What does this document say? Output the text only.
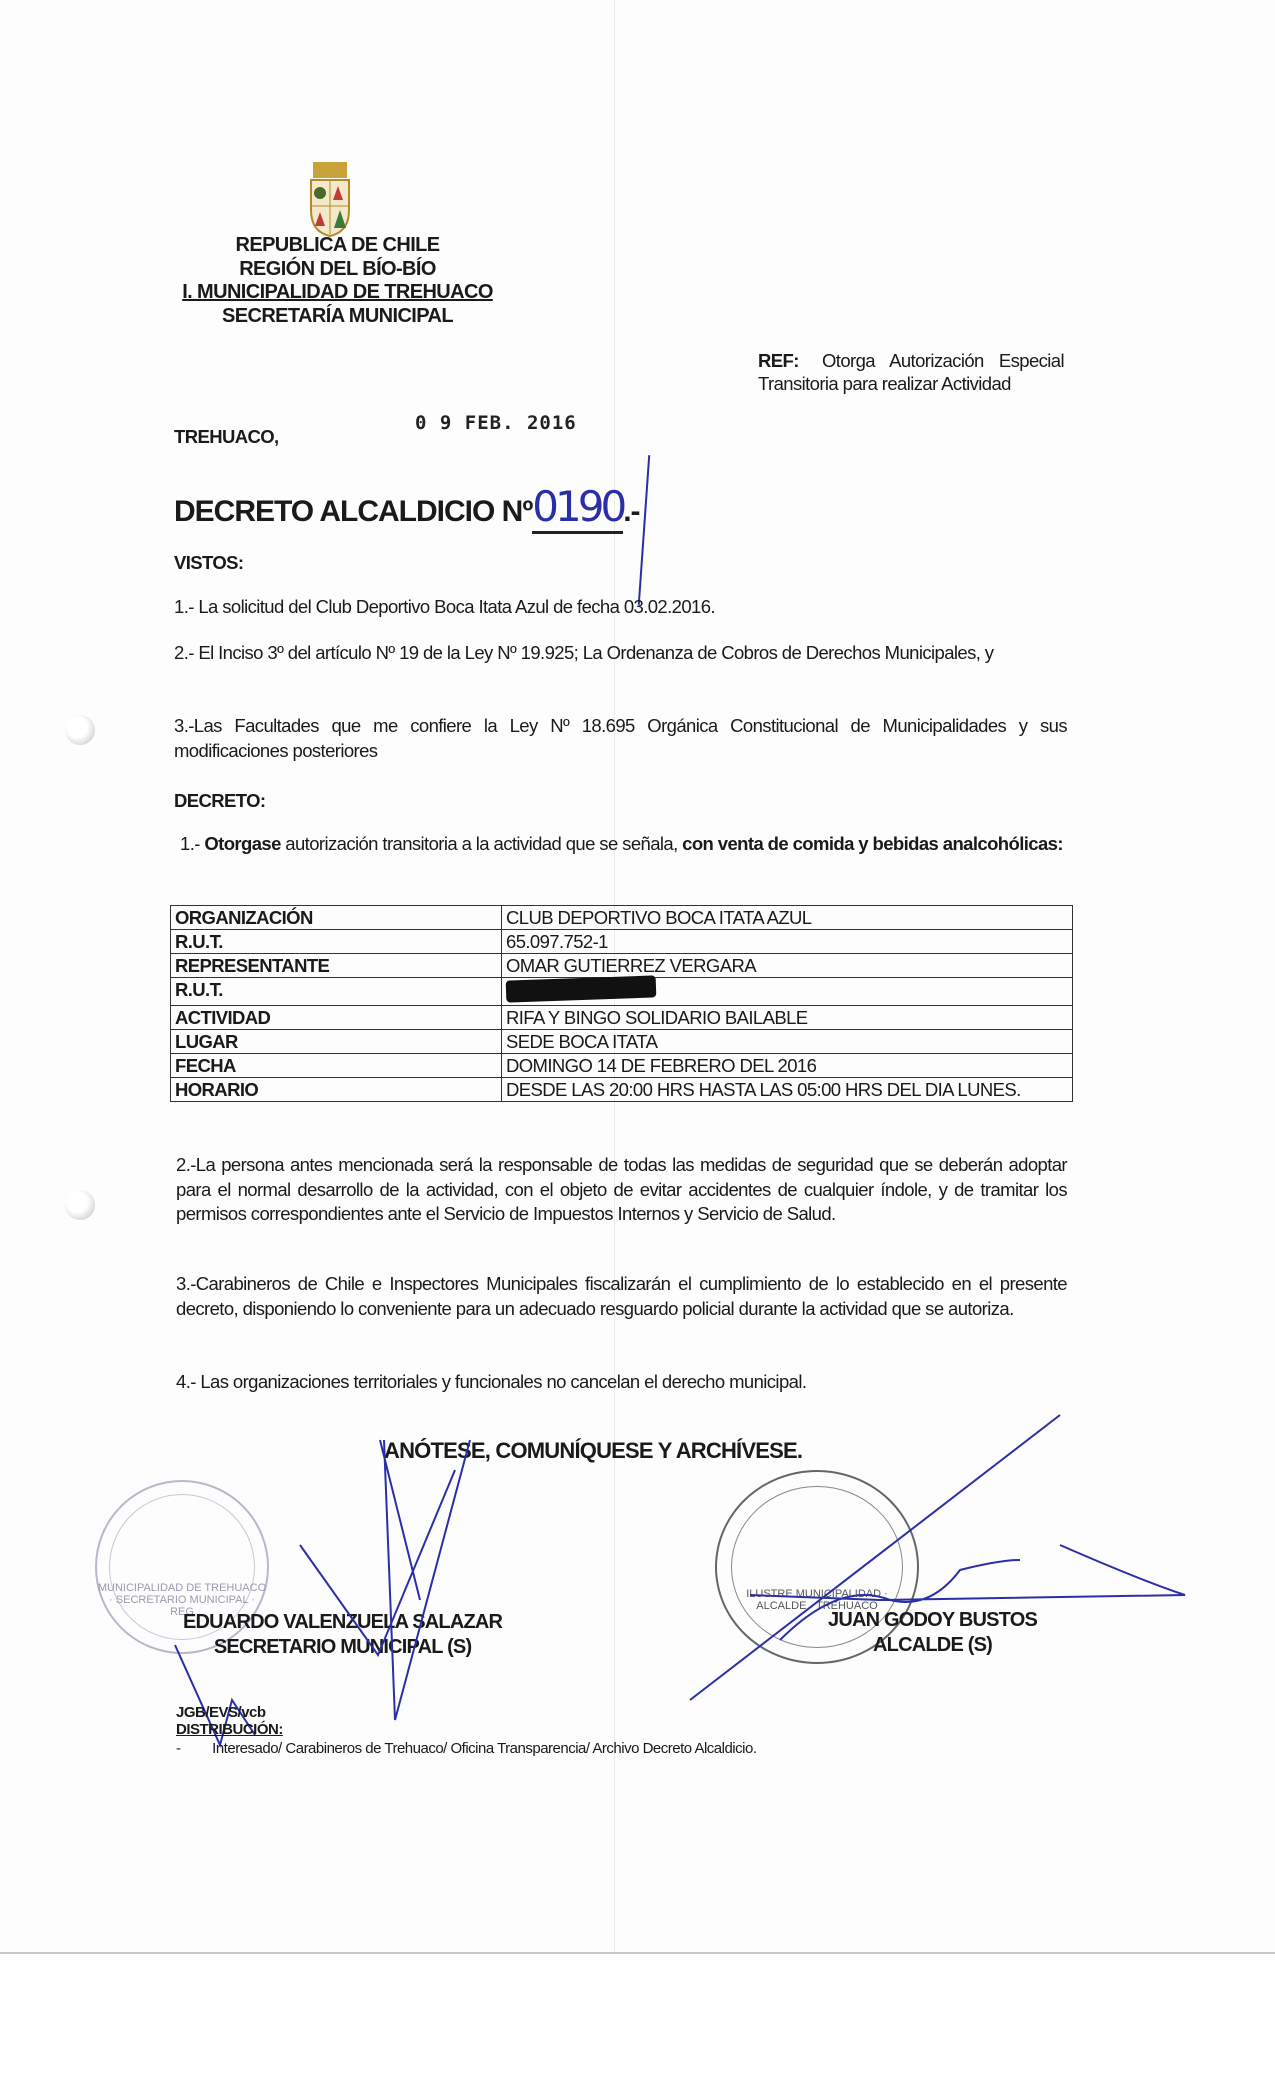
REPUBLICA DE CHILE
REGIÓN DEL BÍO-BÍO
I. MUNICIPALIDAD DE TREHUACO
SECRETARÍA MUNICIPAL
REF:	Otorga Autorización Especial Transitoria para realizar Actividad
TREHUACO,
0 9 FEB. 2016
DECRETO ALCALDICIO Nº0190.-
VISTOS:
1.- La solicitud del Club Deportivo Boca Itata Azul de fecha 03.02.2016.
2.- El Inciso 3º del artículo Nº 19 de la Ley Nº 19.925; La Ordenanza de Cobros de Derechos Municipales, y
3.-Las Facultades que me confiere la Ley Nº 18.695 Orgánica Constitucional de Municipalidades y sus modificaciones posteriores
DECRETO:
1.- Otorgase autorización transitoria a la actividad que se señala, con venta de comida y bebidas analcohólicas:
ORGANIZACIÓN	CLUB DEPORTIVO BOCA ITATA AZUL
R.U.T.	65.097.752-1
REPRESENTANTE	OMAR GUTIERREZ VERGARA
R.U.T.	
ACTIVIDAD	RIFA Y BINGO SOLIDARIO BAILABLE
LUGAR	SEDE BOCA ITATA
FECHA	DOMINGO 14 DE FEBRERO DEL 2016
HORARIO	DESDE LAS 20:00 HRS HASTA LAS 05:00 HRS DEL DIA LUNES.
2.-La persona antes mencionada será la responsable de todas las medidas de seguridad que se deberán adoptar para el normal desarrollo de la actividad, con el objeto de evitar accidentes de cualquier índole, y de tramitar los permisos correspondientes ante el Servicio de Impuestos Internos y Servicio de Salud.
3.-Carabineros de Chile e Inspectores Municipales fiscalizarán el cumplimiento de lo establecido en el presente decreto, disponiendo lo conveniente para un adecuado resguardo policial durante la actividad que se autoriza.
4.- Las organizaciones territoriales y funcionales no cancelan el derecho municipal.
ANÓTESE, COMUNÍQUESE Y ARCHÍVESE.
MUNICIPALIDAD DE TREHUACO · SECRETARIO MUNICIPAL · REG
ILUSTRE MUNICIPALIDAD · ALCALDE · TREHUACO
EDUARDO VALENZUELA SALAZAR
SECRETARIO MUNICIPAL (S)
JUAN GODOY BUSTOS
ALCALDE (S)
JGB/EVS/vcb
DISTRIBUCIÓN:
- Interesado/ Carabineros de Trehuaco/ Oficina Transparencia/ Archivo Decreto Alcaldicio.
